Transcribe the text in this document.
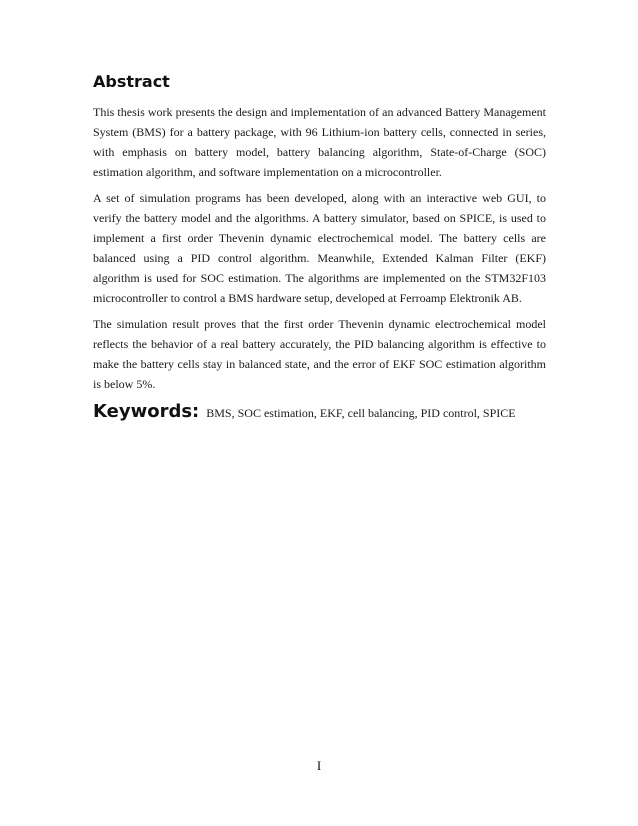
Abstract

This thesis work presents the design and implementation of an advanced Battery Management System (BMS) for a battery package, with 96 Lithium-ion battery cells, connected in series, with emphasis on battery model, battery balancing algorithm, State-of-Charge (SOC) estimation algorithm, and software implementation on a microcontroller.

A set of simulation programs has been developed, along with an interactive web GUI, to verify the battery model and the algorithms. A battery simulator, based on SPICE, is used to implement a first order Thevenin dynamic electrochemical model. The battery cells are balanced using a PID control algorithm. Meanwhile, Extended Kalman Filter (EKF) algorithm is used for SOC estimation. The algorithms are implemented on the STM32F103 microcontroller to control a BMS hardware setup, developed at Ferroamp Elektronik AB.

The simulation result proves that the first order Thevenin dynamic electrochemical model reflects the behavior of a real battery accurately, the PID balancing algorithm is effective to make the battery cells stay in balanced state, and the error of EKF SOC estimation algorithm is below 5%.

Keywords: BMS, SOC estimation, EKF, cell balancing, PID control, SPICE
I
